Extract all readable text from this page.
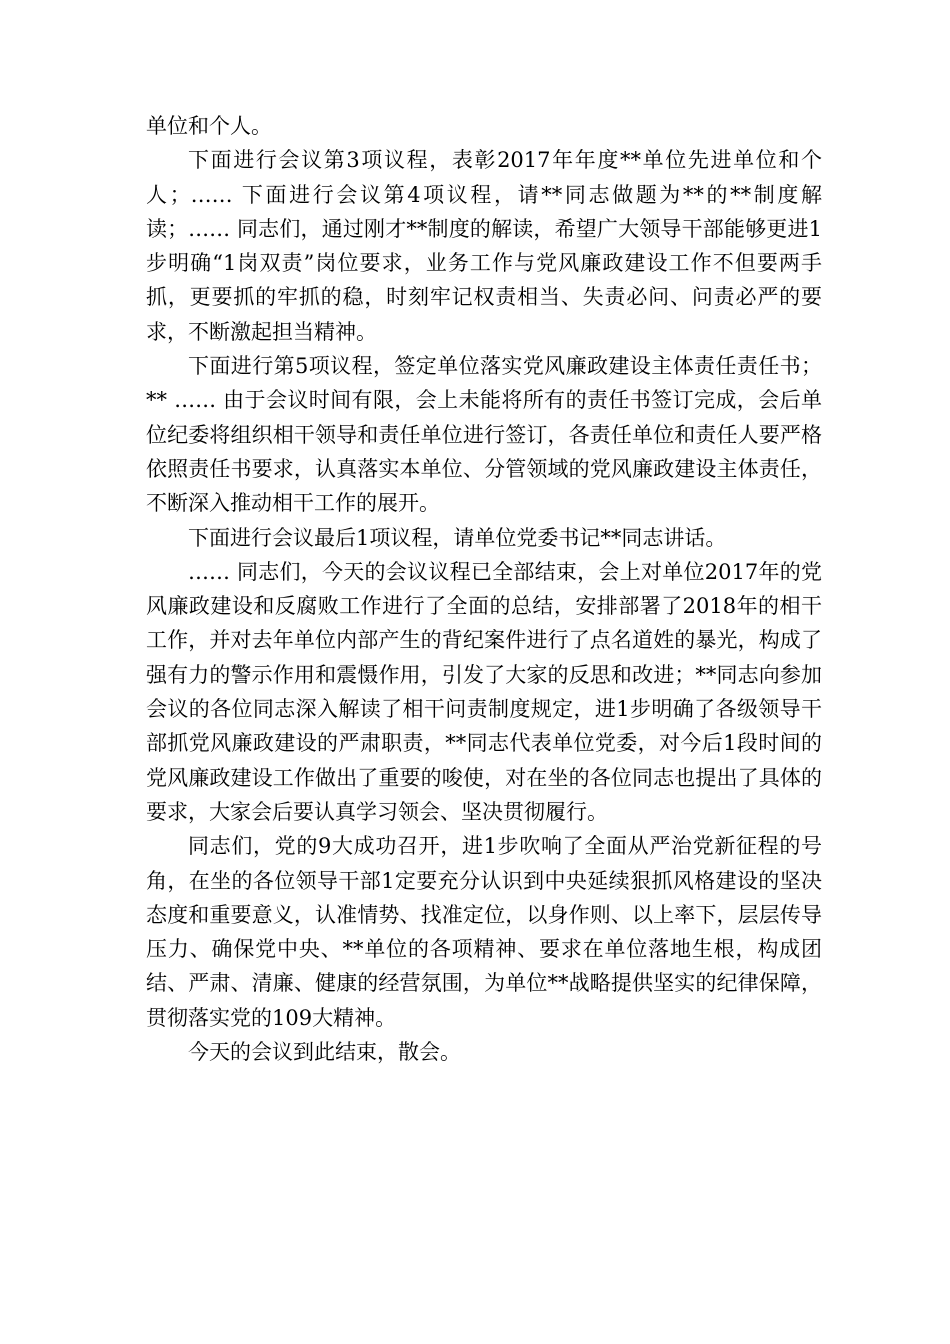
单位和个人。

下面进行会议第3项议程，表彰2017年年度**单位先进单位和个人；…… 下面进行会议第4项议程，请**同志做题为**的**制度解读；…… 同志们，通过刚才**制度的解读，希望广大领导干部能够更进1步明确“1岗双责”岗位要求，业务工作与党风廉政建设工作不但要两手抓，更要抓的牢抓的稳，时刻牢记权责相当、失责必问、问责必严的要求，不断激起担当精神。

下面进行第5项议程，签定单位落实党风廉政建设主体责任责任书； ** …… 由于会议时间有限，会上未能将所有的责任书签订完成，会后单位纪委将组织相干领导和责任单位进行签订，各责任单位和责任人要严格依照责任书要求，认真落实本单位、分管领域的党风廉政建设主体责任，不断深入推动相干工作的展开。

下面进行会议最后1项议程，请单位党委书记**同志讲话。

…… 同志们，今天的会议议程已全部结束，会上对单位2017年的党风廉政建设和反腐败工作进行了全面的总结，安排部署了2018年的相干工作，并对去年单位内部产生的背纪案件进行了点名道姓的暴光，构成了强有力的警示作用和震慑作用，引发了大家的反思和改进；**同志向参加会议的各位同志深入解读了相干问责制度规定，进1步明确了各级领导干部抓党风廉政建设的严肃职责，**同志代表单位党委，对今后1段时间的党风廉政建设工作做出了重要的唆使，对在坐的各位同志也提出了具体的要求，大家会后要认真学习领会、坚决贯彻履行。

同志们，党的9大成功召开，进1步吹响了全面从严治党新征程的号角，在坐的各位领导干部1定要充分认识到中央延续狠抓风格建设的坚决态度和重要意义，认准情势、找准定位，以身作则、以上率下，层层传导压力、确保党中央、**单位的各项精神、要求在单位落地生根，构成团结、严肃、清廉、健康的经营氛围，为单位**战略提供坚实的纪律保障，贯彻落实党的109大精神。

今天的会议到此结束，散会。
